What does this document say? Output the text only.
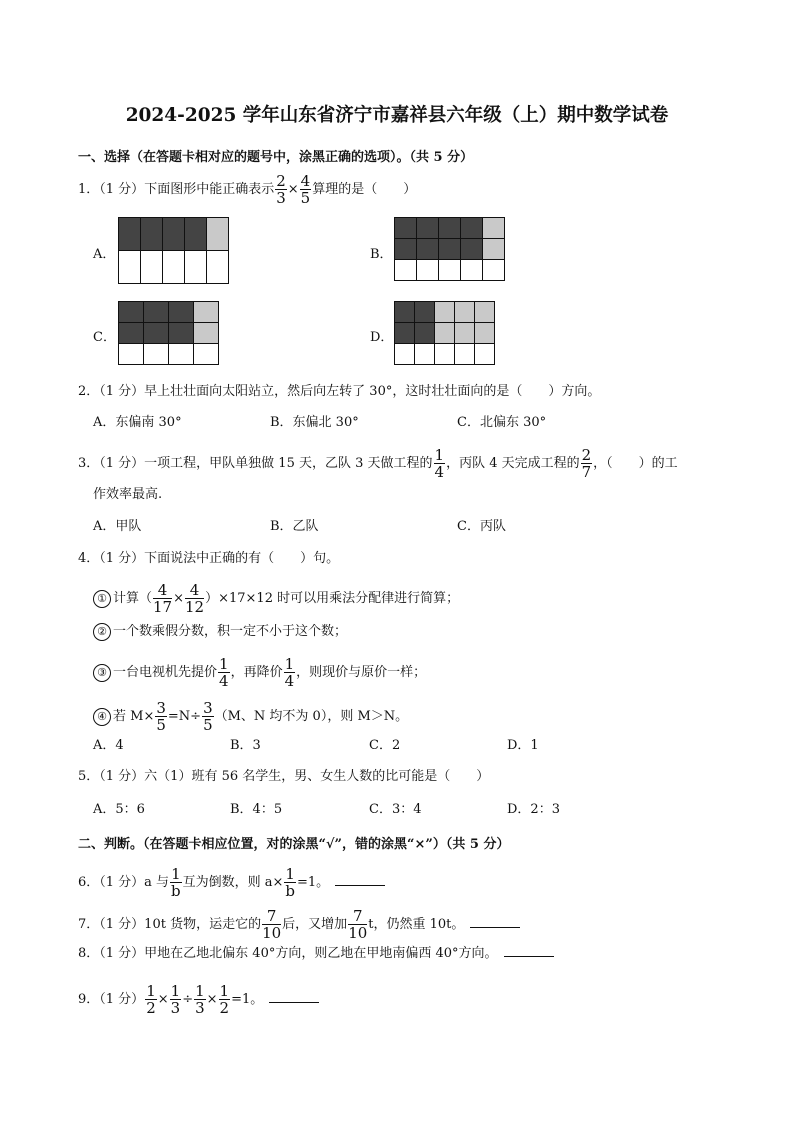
2024-2025 学年山东省济宁市嘉祥县六年级（上）期中数学试卷
一、选择（在答题卡相对应的题号中，涂黑正确的选项）。（共 5 分）
1．（1 分）下面图形中能正确表示 $\frac{2}{3} \times \frac{4}{5}$ 算理的是（　　）
A．

					B．

C．

				D．

2．（1 分）早上壮壮面向太阳站立，然后向左转了 30°，这时壮壮面向的是（　　）方向。
A．东偏南 30°	B．东偏北 30°	C．北偏东 30°
3．（1 分）一项工程，甲队单独做 15 天，乙队 3 天做工程的 $\frac{1}{4}$ ，丙队 4 天完成工程的 $\frac{2}{7}$ ，（　　）的工
作效率最高.
A．甲队	B．乙队	C．丙队
4．（1 分）下面说法中正确的有（　　）句。
① 计算（ $\frac{4}{17} \times \frac{4}{12} )\times 17\times 12$ 时可以用乘法分配律进行简算；
② 一个数乘假分数，积一定不小于这个数；
③ 一台电视机先提价 $\frac{1}{4}$ ，再降价 $\frac{1}{4}$ ，则现价与原价一样；
④ 若 $M\times \frac{3}{5} =N\div \frac{3}{5} (M$、N 均不为 0），则 M＞N。
A．4	B．3	C．2	D．1
5．（1 分）六（1）班有 56 名学生，男、女生人数的比可能是（　　）
A．5：6	B．4：5	C．3：4	D．2：3
二、判断。（在答题卡相应位置，对的涂黑“√”，错的涂黑“×”）（共 5 分）
6．（1 分）a 与 $\frac{1}{b}$ 互为倒数，则 $a\times \frac{1}{b} =1$。
7．（1 分）10t 货物，运走它的 $\frac{7}{10}$ 后，又增加 $\frac{7}{10}$ t，仍然重 10t。
8．（1 分）甲地在乙地北偏东 40°方向，则乙地在甲地南偏西 40°方向。
9．（1 分） $\frac{1}{2} \times \frac{1}{3} \div \frac{1}{3} \times \frac{1}{2} =1$。
